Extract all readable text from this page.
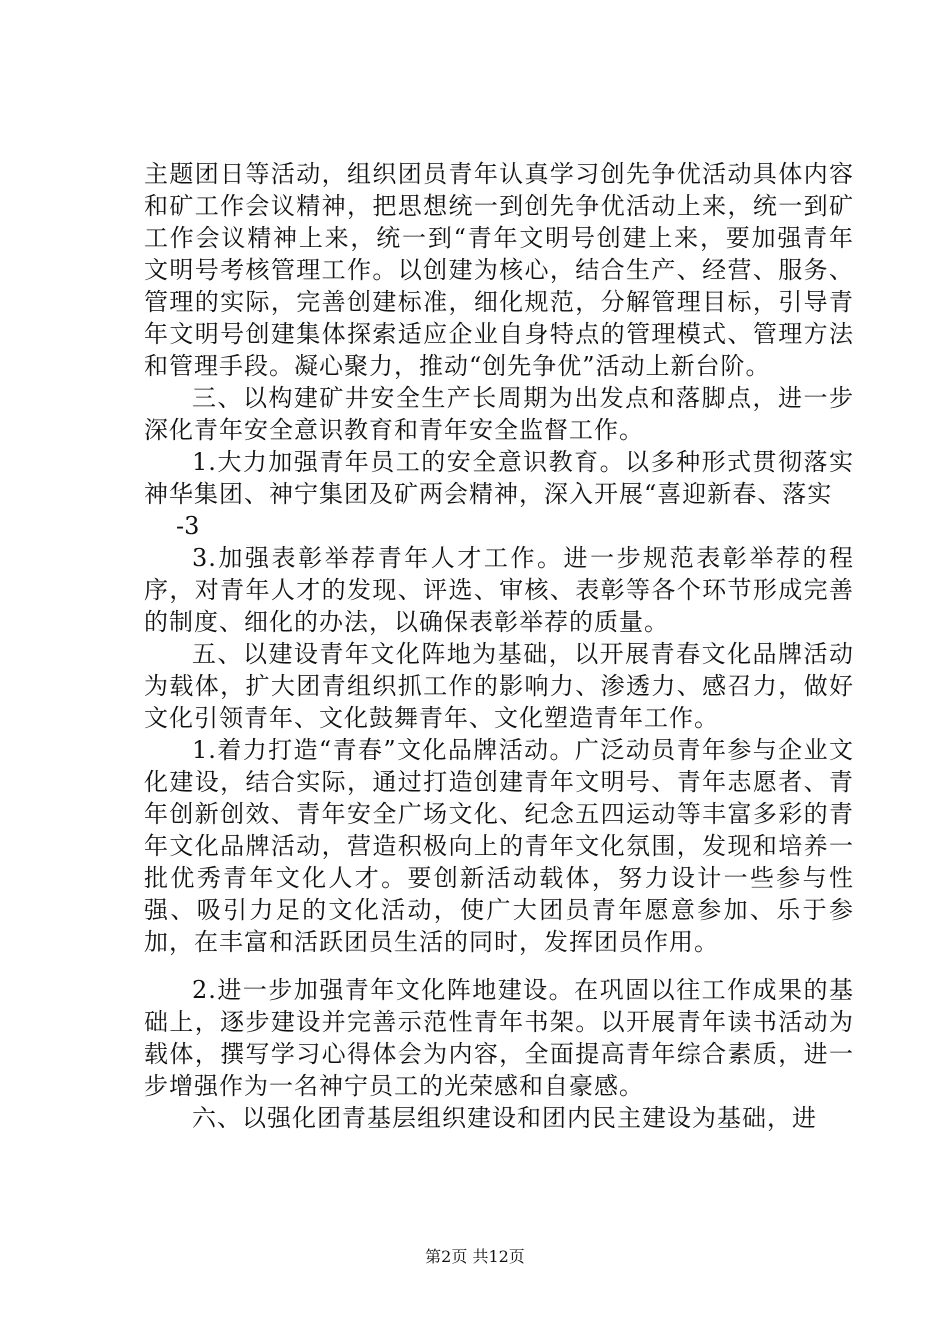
主题团日等活动，组织团员青年认真学习创先争优活动具体内容和矿工作会议精神，把思想统一到创先争优活动上来，统一到矿工作会议精神上来，统一到“青年文明号创建上来，要加强青年文明号考核管理工作。以创建为核心，结合生产、经营、服务、管理的实际，完善创建标准，细化规范，分解管理目标，引导青年文明号创建集体探索适应企业自身特点的管理模式、管理方法和管理手段。凝心聚力，推动“创先争优”活动上新台阶。

三、以构建矿井安全生产长周期为出发点和落脚点，进一步深化青年安全意识教育和青年安全监督工作。

1.大力加强青年员工的安全意识教育。以多种形式贯彻落实神华集团、神宁集团及矿两会精神，深入开展“喜迎新春、落实

-3

3.加强表彰举荐青年人才工作。进一步规范表彰举荐的程序，对青年人才的发现、评选、审核、表彰等各个环节形成完善的制度、细化的办法，以确保表彰举荐的质量。

五、以建设青年文化阵地为基础，以开展青春文化品牌活动为载体，扩大团青组织抓工作的影响力、渗透力、感召力，做好文化引领青年、文化鼓舞青年、文化塑造青年工作。

1.着力打造“青春”文化品牌活动。广泛动员青年参与企业文化建设，结合实际，通过打造创建青年文明号、青年志愿者、青年创新创效、青年安全广场文化、纪念五四运动等丰富多彩的青年文化品牌活动，营造积极向上的青年文化氛围，发现和培养一批优秀青年文化人才。要创新活动载体，努力设计一些参与性强、吸引力足的文化活动，使广大团员青年愿意参加、乐于参加，在丰富和活跃团员生活的同时，发挥团员作用。

2.进一步加强青年文化阵地建设。在巩固以往工作成果的基础上，逐步建设并完善示范性青年书架。以开展青年读书活动为载体，撰写学习心得体会为内容，全面提高青年综合素质，进一步增强作为一名神宁员工的光荣感和自豪感。

六、以强化团青基层组织建设和团内民主建设为基础，进

第2页 共12页
